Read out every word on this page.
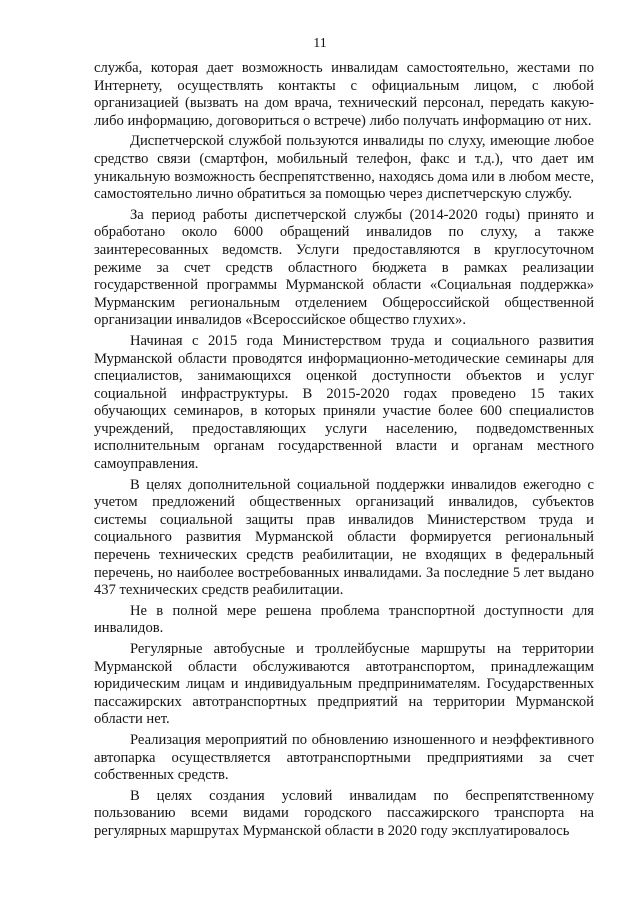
11

служба, которая дает возможность инвалидам самостоятельно, жестами по Интернету, осуществлять контакты с официальным лицом, с любой организацией (вызвать на дом врача, технический персонал, передать какую-либо информацию, договориться о встрече) либо получать информацию от них.

Диспетчерской службой пользуются инвалиды по слуху, имеющие любое средство связи (смартфон, мобильный телефон, факс и т.д.), что дает им уникальную возможность беспрепятственно, находясь дома или в любом месте, самостоятельно лично обратиться за помощью через диспетчерскую службу.

За период работы диспетчерской службы (2014-2020 годы) принято и обработано около 6000 обращений инвалидов по слуху, а также заинтересованных ведомств. Услуги предоставляются в круглосуточном режиме за счет средств областного бюджета в рамках реализации государственной программы Мурманской области «Социальная поддержка» Мурманским региональным отделением Общероссийской общественной организации инвалидов «Всероссийское общество глухих».

Начиная с 2015 года Министерством труда и социального развития Мурманской области проводятся информационно-методические семинары для специалистов, занимающихся оценкой доступности объектов и услуг социальной инфраструктуры. В 2015-2020 годах проведено 15 таких обучающих семинаров, в которых приняли участие более 600 специалистов учреждений, предоставляющих услуги населению, подведомственных исполнительным органам государственной власти и органам местного самоуправления.

В целях дополнительной социальной поддержки инвалидов ежегодно с учетом предложений общественных организаций инвалидов, субъектов системы социальной защиты прав инвалидов Министерством труда и социального развития Мурманской области формируется региональный перечень технических средств реабилитации, не входящих в федеральный перечень, но наиболее востребованных инвалидами. За последние 5 лет выдано 437 технических средств реабилитации.

Не в полной мере решена проблема транспортной доступности для инвалидов.

Регулярные автобусные и троллейбусные маршруты на территории Мурманской области обслуживаются автотранспортом, принадлежащим юридическим лицам и индивидуальным предпринимателям. Государственных пассажирских автотранспортных предприятий на территории Мурманской области нет.

Реализация мероприятий по обновлению изношенного и неэффективного автопарка осуществляется автотранспортными предприятиями за счет собственных средств.

В целях создания условий инвалидам по беспрепятственному пользованию всеми видами городского пассажирского транспорта на регулярных маршрутах Мурманской области в 2020 году эксплуатировалось
